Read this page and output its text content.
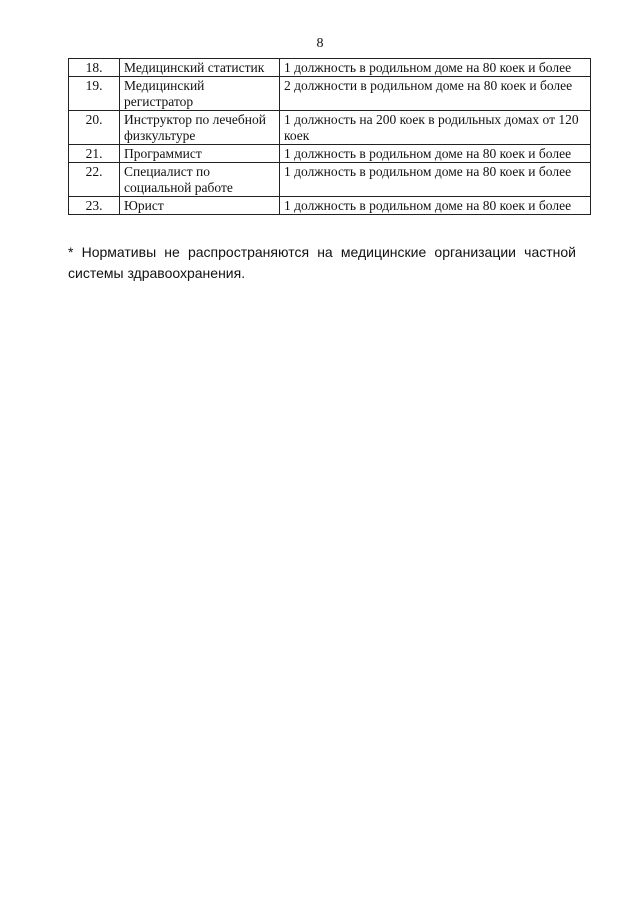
8
18.	Медицинский статистик	1 должность в родильном доме на 80 коек и более
19.	Медицинский регистратор	2 должности в родильном доме на 80 коек и более
20.	Инструктор по лечебной физкультуре	1 должность на 200 коек в родильных домах от 120 коек
21.	Программист	1 должность в родильном доме на 80 коек и более
22.	Специалист по социальной работе	1 должность в родильном доме на 80 коек и более
23.	Юрист	1 должность в родильном доме на 80 коек и более

* Нормативы не распространяются на медицинские организации частной системы здравоохранения.
